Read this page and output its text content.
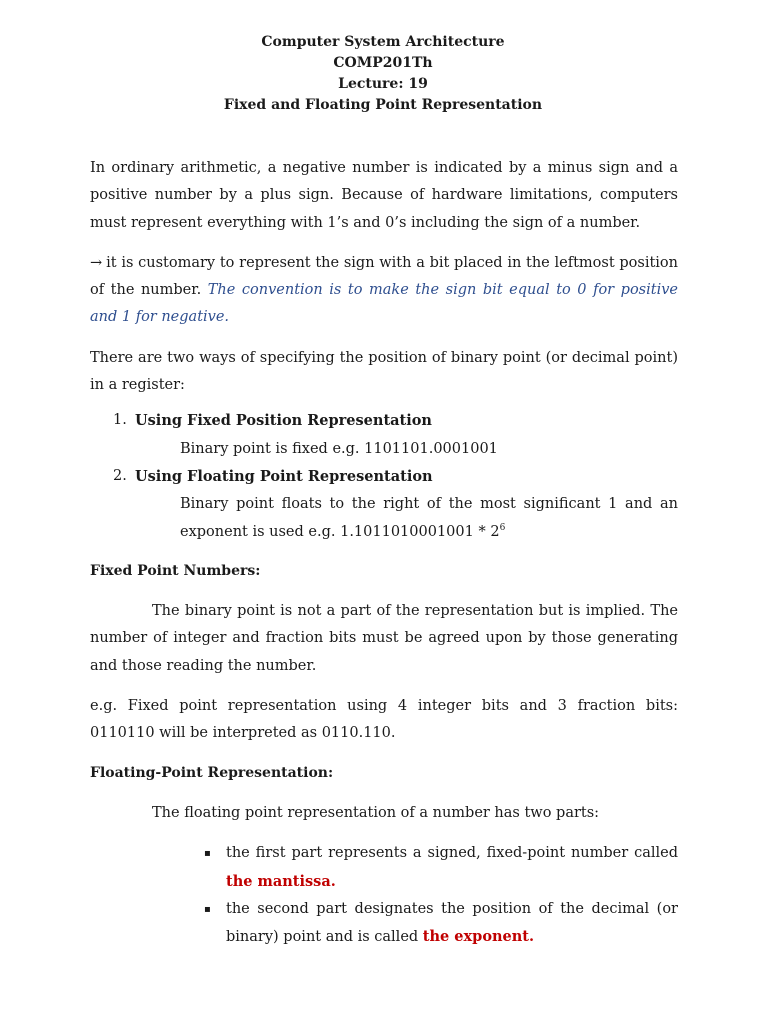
Computer System Architecture
COMP201Th
Lecture: 19
Fixed and Floating Point Representation

In ordinary arithmetic, a negative number is indicated by a minus sign and a positive number by a plus sign. Because of hardware limitations, computers must represent everything with 1’s and 0’s including the sign of a number.

→ it is customary to represent the sign with a bit placed in the leftmost position of the number. The convention is to make the sign bit equal to 0 for positive and 1 for negative.

There are two ways of specifying the position of binary point (or decimal point) in a register:

1. Using Fixed Position Representation
Binary point is fixed e.g. 1101101.0001001
2. Using Floating Point Representation
Binary point floats to the right of the most significant 1 and an exponent is used e.g. $1.1011010001001 * 2^6$
Fixed Point Numbers:

The binary point is not a part of the representation but is implied. The number of integer and fraction bits must be agreed upon by those generating and those reading the number.

e.g. Fixed point representation using 4 integer bits and 3 fraction bits: 0110110 will be interpreted as 0110.110.

Floating-Point Representation:

The floating point representation of a number has two parts:

▪ the first part represents a signed, fixed-point number called the mantissa.
▪ the second part designates the position of the decimal (or binary) point and is called the exponent.
